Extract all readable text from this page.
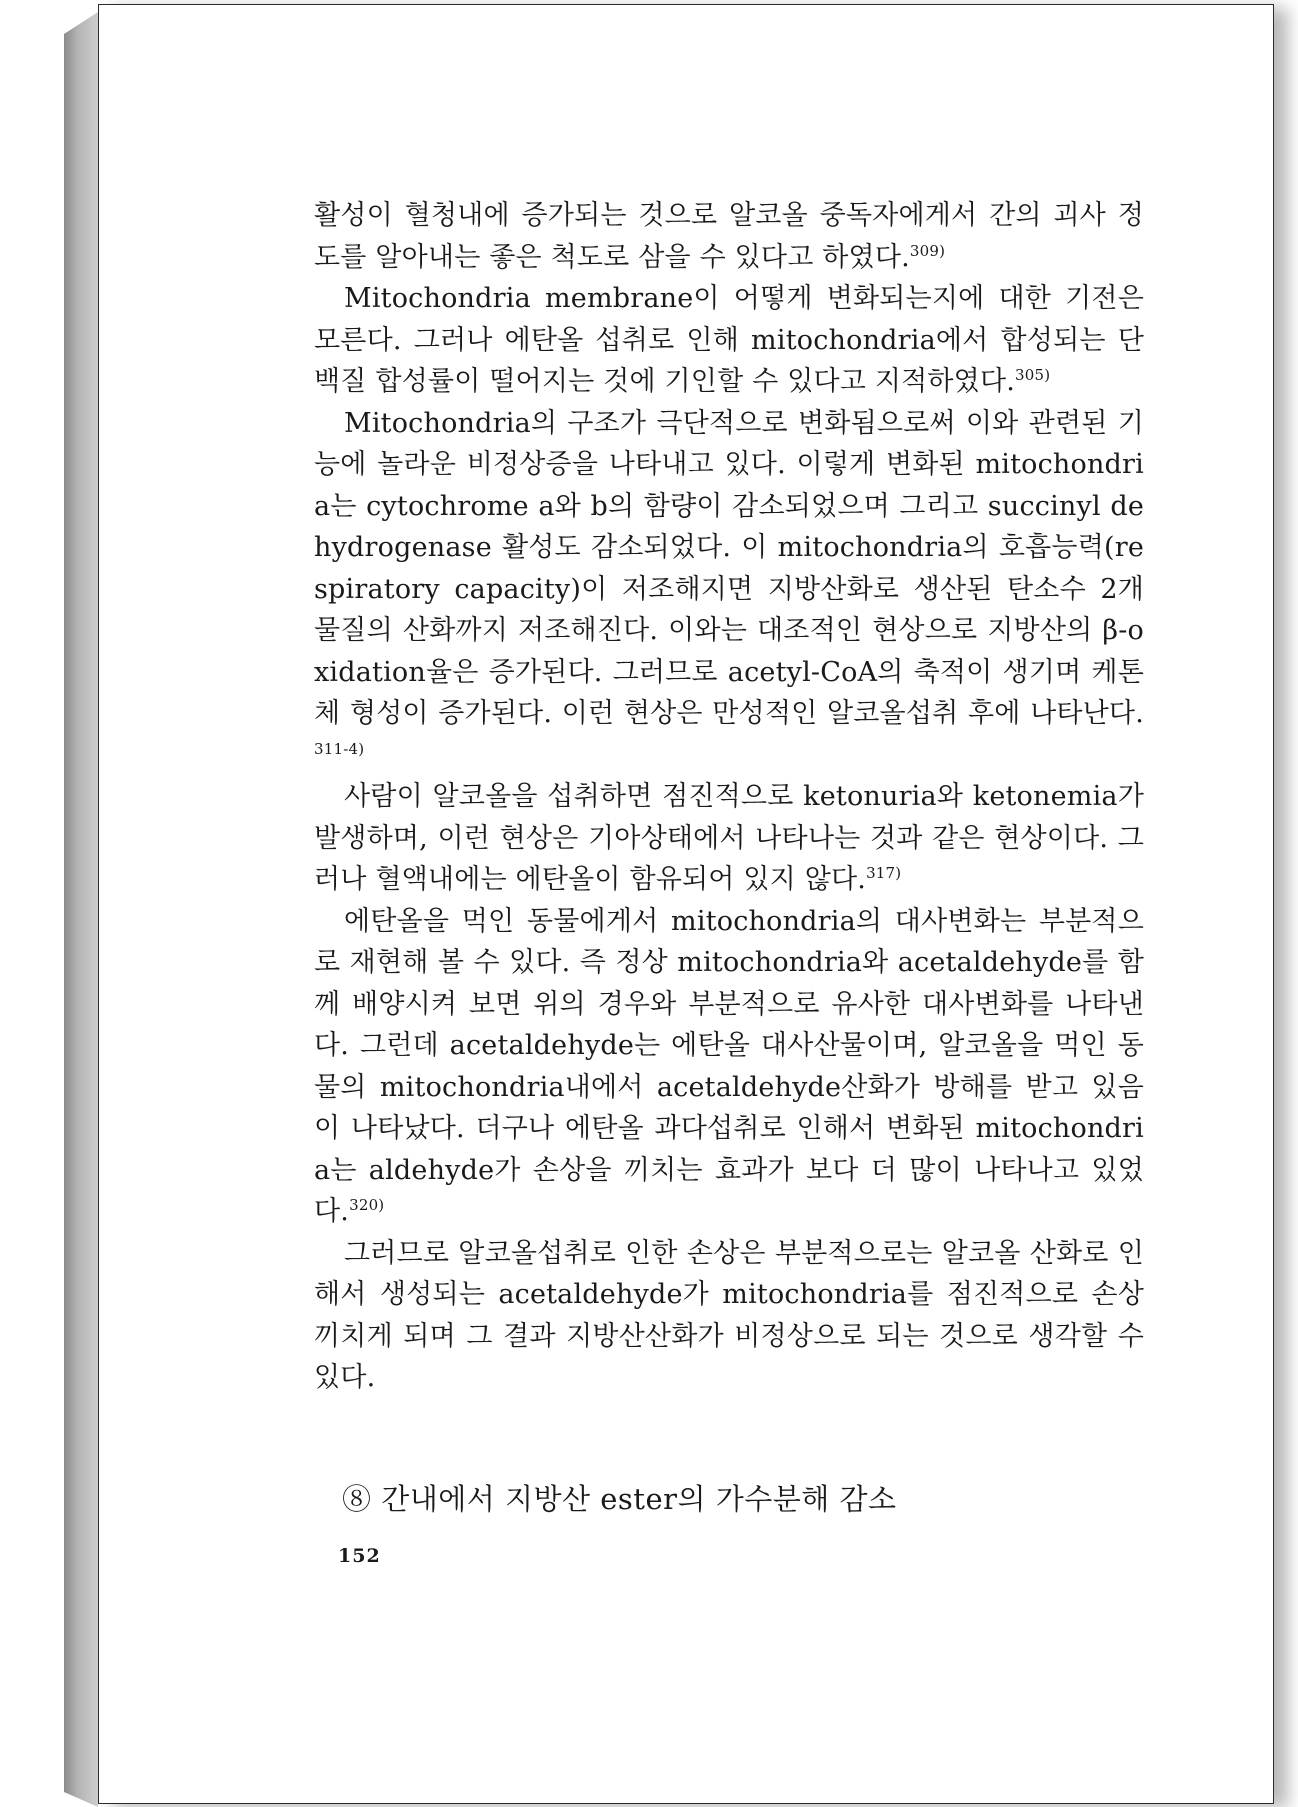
활성이 혈청내에 증가되는 것으로 알코올 중독자에게서 간의 괴사 정도를 알아내는 좋은 척도로 삼을 수 있다고 하였다.$^{309)}$

Mitochondria membrane이 어떻게 변화되는지에 대한 기전은 모른다. 그러나 에탄올 섭취로 인해 mitochondria에서 합성되는 단백질 합성률이 떨어지는 것에 기인할 수 있다고 지적하였다.$^{305)}$

Mitochondria의 구조가 극단적으로 변화됨으로써 이와 관련된 기능에 놀라운 비정상증을 나타내고 있다. 이렇게 변화된 mitochondria는 cytochrome a와 b의 함량이 감소되었으며 그리고 succinyl dehydrogenase 활성도 감소되었다. 이 mitochondria의 호흡능력(respiratory capacity)이 저조해지면 지방산화로 생산된 탄소수 2개 물질의 산화까지 저조해진다. 이와는 대조적인 현상으로 지방산의 β-oxidation율은 증가된다. 그러므로 acetyl-CoA의 축적이 생기며 케톤체 형성이 증가된다. 이런 현상은 만성적인 알코올섭취 후에 나타난다.$^{311-4)}$

사람이 알코올을 섭취하면 점진적으로 ketonuria와 ketonemia가 발생하며, 이런 현상은 기아상태에서 나타나는 것과 같은 현상이다. 그러나 혈액내에는 에탄올이 함유되어 있지 않다.$^{317)}$

에탄올을 먹인 동물에게서 mitochondria의 대사변화는 부분적으로 재현해 볼 수 있다. 즉 정상 mitochondria와 acetaldehyde를 함께 배양시켜 보면 위의 경우와 부분적으로 유사한 대사변화를 나타낸다. 그런데 acetaldehyde는 에탄올 대사산물이며, 알코올을 먹인 동물의 mitochondria내에서 acetaldehyde산화가 방해를 받고 있음이 나타났다. 더구나 에탄올 과다섭취로 인해서 변화된 mitochondria는 aldehyde가 손상을 끼치는 효과가 보다 더 많이 나타나고 있었다.$^{320)}$

그러므로 알코올섭취로 인한 손상은 부분적으로는 알코올 산화로 인해서 생성되는 acetaldehyde가 mitochondria를 점진적으로 손상끼치게 되며 그 결과 지방산산화가 비정상으로 되는 것으로 생각할 수 있다.

⑧ 간내에서 지방산 ester의 가수분해 감소
152
